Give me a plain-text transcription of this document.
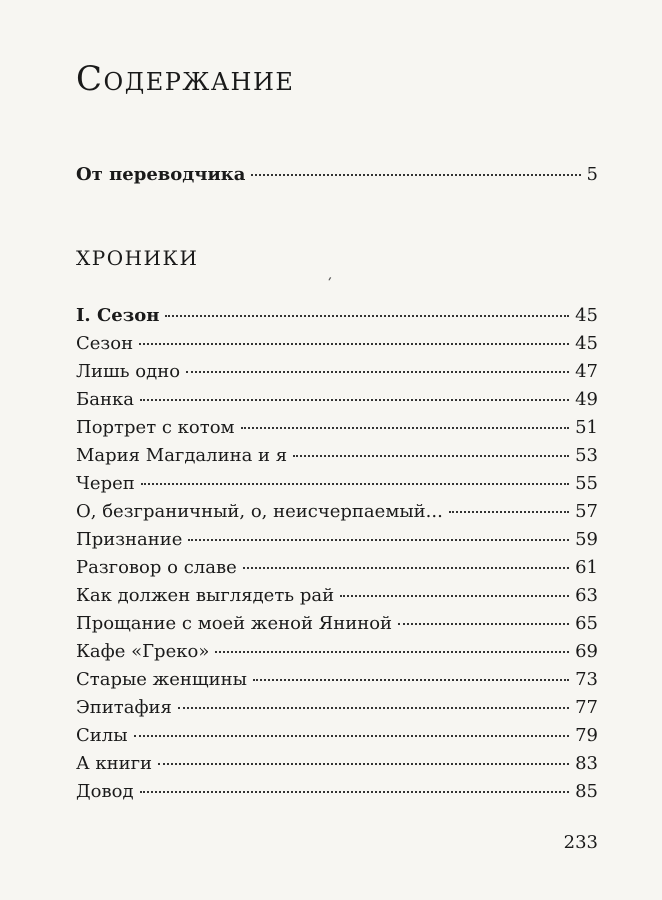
Содержание
От переводчика	5
ХРОНИКИ
ʹ
I. Сезон	45
Сезон	45
Лишь одно	47
Банка	49
Портрет с котом	51
Мария Магдалина и я	53
Череп	55
О, безграничный, о, неисчерпаемый...	57
Признание	59
Разговор о славе	61
Как должен выглядеть рай	63
Прощание с моей женой Яниной	65
Кафе «Греко»	69
Старые женщины	73
Эпитафия	77
Силы	79
А книги	83
Довод	85
233
